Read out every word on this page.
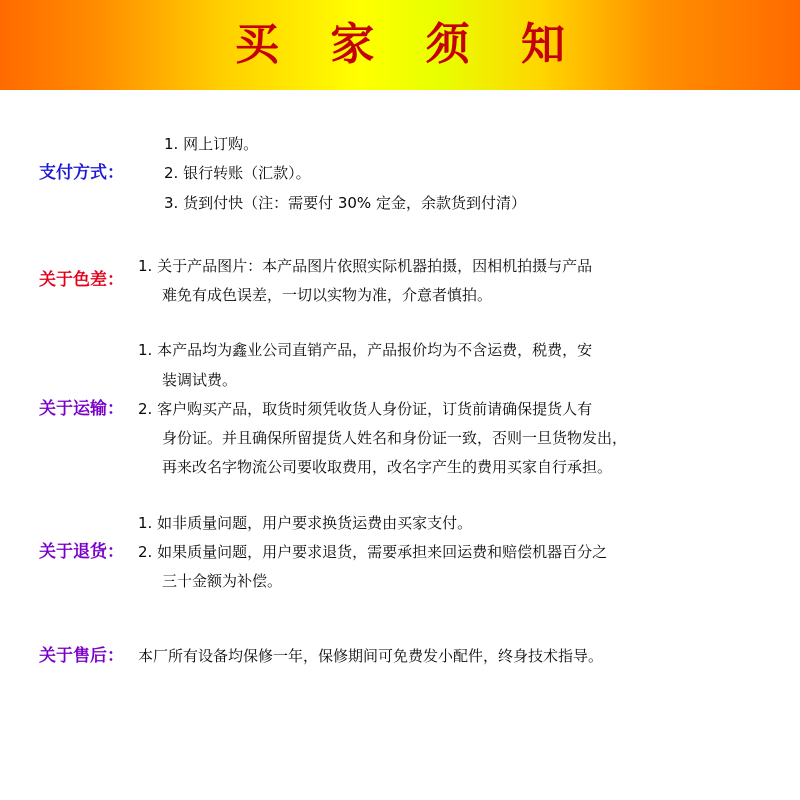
买 家 须 知
支付方式：
1. 网上订购。
2. 银行转账（汇款）。
3. 货到付快（注：需要付 30% 定金，余款货到付清）
关于色差：
1. 关于产品图片：本产品图片依照实际机器拍摄，因相机拍摄与产品
难免有成色误差，一切以实物为准，介意者慎拍。
关于运输：
1. 本产品均为鑫业公司直销产品，产品报价均为不含运费，税费，安
装调试费。
2. 客户购买产品，取货时须凭收货人身份证，订货前请确保提货人有
身份证。并且确保所留提货人姓名和身份证一致，否则一旦货物发出，
再来改名字物流公司要收取费用，改名字产生的费用买家自行承担。
关于退货：
1. 如非质量问题，用户要求换货运费由买家支付。
2. 如果质量问题，用户要求退货，需要承担来回运费和赔偿机器百分之
三十金额为补偿。
关于售后： 本厂所有设备均保修一年，保修期间可免费发小配件，终身技术指导。
